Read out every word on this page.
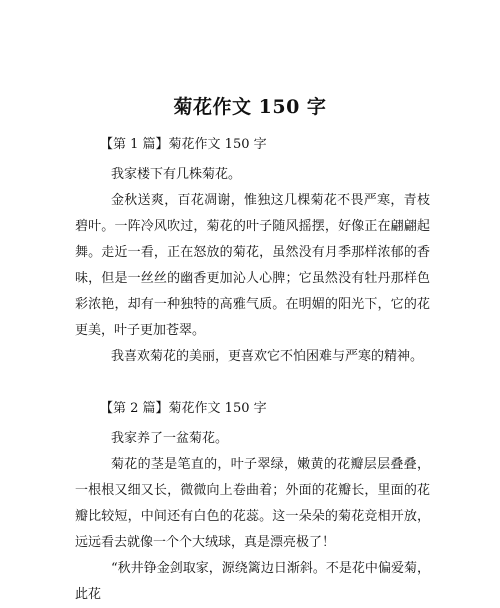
菊花作文 150 字
【第 1 篇】菊花作文 150 字

我家楼下有几株菊花。

金秋送爽，百花凋谢，惟独这几棵菊花不畏严寒，青枝碧叶。一阵冷风吹过，菊花的叶子随风摇摆，好像正在翩翩起舞。走近一看，正在怒放的菊花，虽然没有月季那样浓郁的香味，但是一丝丝的幽香更加沁人心脾；它虽然没有牡丹那样色彩浓艳，却有一种独特的高雅气质。在明媚的阳光下，它的花更美，叶子更加苍翠。

我喜欢菊花的美丽，更喜欢它不怕困难与严寒的精神。

【第 2 篇】菊花作文 150 字

我家养了一盆菊花。

菊花的茎是笔直的，叶子翠绿，嫩黄的花瓣层层叠叠，一根根又细又长，微微向上卷曲着；外面的花瓣长，里面的花瓣比较短，中间还有白色的花蕊。这一朵朵的菊花竞相开放，远远看去就像一个个大绒球，真是漂亮极了！

“秋井铮金剑取家，源绕篱边日渐斜。不是花中偏爱菊，此花
